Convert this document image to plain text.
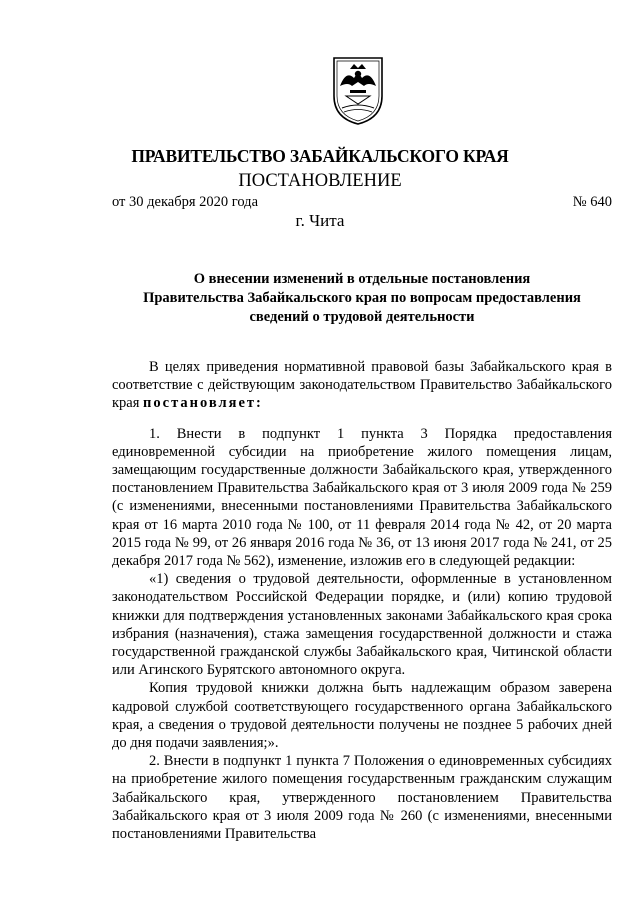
ПРАВИТЕЛЬСТВО ЗАБАЙКАЛЬСКОГО КРАЯ
ПОСТАНОВЛЕНИЕ
от 30 декабря 2020 года	№ 640
г. Чита
О внесении изменений в отдельные постановления
Правительства Забайкальского края по вопросам предоставления
сведений о трудовой деятельности

В целях приведения нормативной правовой базы Забайкальского края в соответствие с действующим законодательством Правительство Забайкальского края постановляет:

1. Внести в подпункт 1 пункта 3 Порядка предоставления единовременной субсидии на приобретение жилого помещения лицам, замещающим государственные должности Забайкальского края, утвержденного постановлением Правительства Забайкальского края от 3 июля 2009 года № 259 (с изменениями, внесенными постановлениями Правительства Забайкальского края от 16 марта 2010 года № 100, от 11 февраля 2014 года № 42, от 20 марта 2015 года № 99, от 26 января 2016 года № 36, от 13 июня 2017 года № 241, от 25 декабря 2017 года № 562), изменение, изложив его в следующей редакции:

«1) сведения о трудовой деятельности, оформленные в установленном законодательством Российской Федерации порядке, и (или) копию трудовой книжки для подтверждения установленных законами Забайкальского края срока избрания (назначения), стажа замещения государственной должности и стажа государственной гражданской службы Забайкальского края, Читинской области или Агинского Бурятского автономного округа.

Копия трудовой книжки должна быть надлежащим образом заверена кадровой службой соответствующего государственного органа Забайкальского края, а сведения о трудовой деятельности получены не позднее 5 рабочих дней до дня подачи заявления;».

2. Внести в подпункт 1 пункта 7 Положения о единовременных субсидиях на приобретение жилого помещения государственным гражданским служащим Забайкальского края, утвержденного постановлением Правительства Забайкальского края от 3 июля 2009 года № 260 (с изменениями, внесенными постановлениями Правительства
